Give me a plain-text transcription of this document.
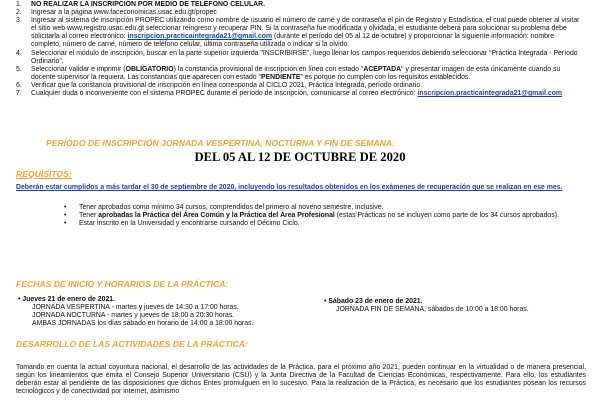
1. NO REALIZAR LA INSCRIPCIÓN POR MEDIO DE TELÉFONO CELULAR.
2. Ingresar a la página www.faceconomicas.usac.edu.gt/propec
3. Ingresar al sistema de inscripción PROPEC utilizando como nombre de usuario el número de carné y de contraseña el pin de Registro y Estadística, el cual puede obtener al visitar el sitio web www.registro.usac.edu.gt seleccionar reingreso y recuperar PIN. Si la contraseña fue modificada y olvidada, el estudiante deberá para solucionar su problema debe solicitarla al correo electrónico: inscripcion.practicaintegrada21@gmail.com (durante el período del 05 al 12 de octubre) y proporcionar la siguiente información: nombre completo, número de carné, número de teléfono celular, última contraseña utilizada o indicar si la olvido.
4. Seleccionar el módulo de inscripción, buscar en la parte superior izquierda "INSCRIBIRSE", luego llenar los campos requeridos debiendo seleccionar "Práctica Integrada - Período Ordinario".
5. Seleccionar validar e imprimir (OBLIGATORIO) la constancia provisional de inscripción en línea con estado "ACEPTADA" y presentar imagen de esta únicamente cuando su docente supervisor la requiera. Las constancias que aparecen con estado "PENDIENTE" es porque no cumplen con los requisitos establecidos.
6. Verificar que la constancia provisional de inscripción en línea corresponda al CICLO 2021, Práctica Integrada, período ordinario.
7. Cualquier duda o inconveniente con el sistema PROPEC durante el período de inscripción, comunicarse al correo electrónico: inscripcion.practicaintegrada21@gmail.com
PERÍODO DE INSCRIPCIÓN JORNADA VESPERTINA, NOCTURNA Y FIN DE SEMANA:
DEL 05 AL 12 DE OCTUBRE DE 2020
REQUISITOS:
Deberán estar cumplidos a más tardar el 30 de septiembre de 2020, incluyendo los resultados obtenidos en los exámenes de recuperación que se realizan en ese mes.
• Tener aprobados como mínimo 34 cursos, comprendidos del primero al noveno semestre, inclusive.
• Tener aprobadas la Práctica del Área Común y la Práctica del Área Profesional (estas Prácticas no se incluyen como parte de los 34 cursos aprobados).
• Estar inscrito en la Universidad y encontrarse cursando el Décimo Ciclo.
FECHAS DE INICIO Y HORARIOS DE LA PRÁCTICA:
• Jueves 21 de enero de 2021.
JORNADA VESPERTINA - martes y jueves de 14:30 a 17:00 horas.
JORNADA NOCTURNA - martes y jueves de 18:00 a 20:30 horas.
AMBAS JORNADAS los días sábado en horario de 14:00 a 18:00 horas.
• Sábado 23 de enero de 2021.
JORNADA FIN DE SEMANA, sábados de 10:00 a 18:00 horas.
DESARROLLO DE LAS ACTIVIDADES DE LA PRÁCTICA:
Tomando en cuenta la actual coyuntura nacional, el desarrollo de las actividades de la Práctica, para el próximo año 2021, pueden continuar en la virtualidad o de manera presencial, según los lineamientos que emita el Consejo Superior Universitario (CSU) y la Junta Directiva de la Facultad de Ciencias Económicas, respectivamente. Para ello, los estudiantes deberán estar al pendiente de las disposiciones que dichos Entes promulguen en lo sucesivo. Para la realización de la Práctica, es necesario que los estudiantes posean los recursos tecnológicos y de conectividad por internet, asimismo
